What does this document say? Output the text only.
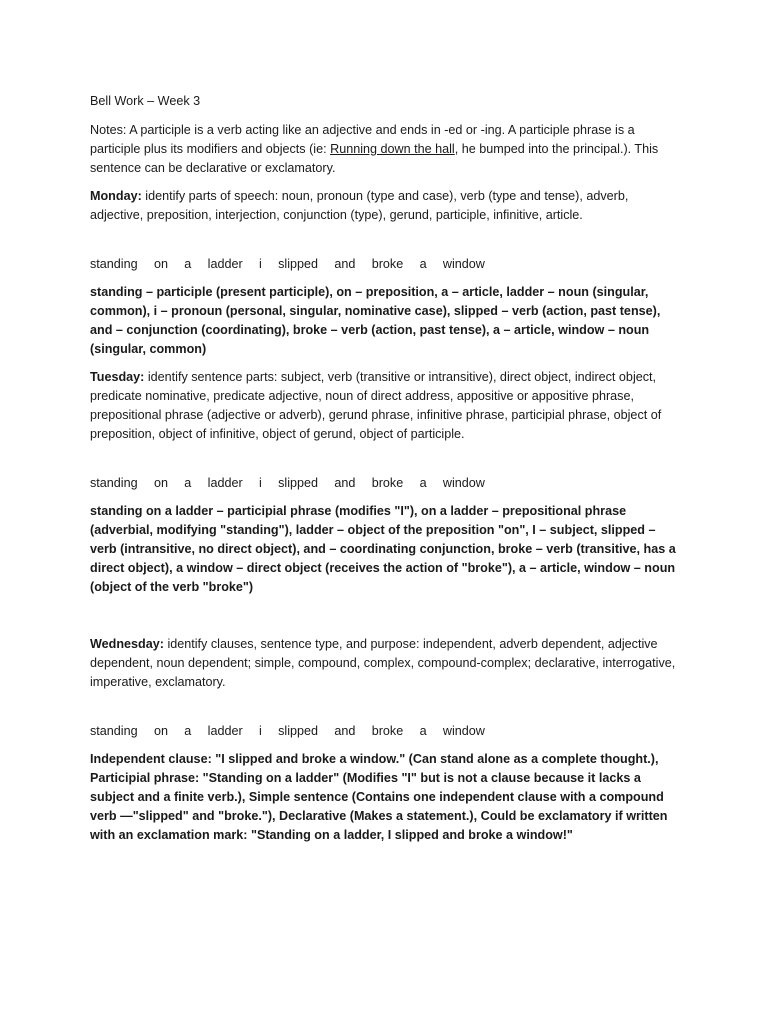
Bell Work – Week 3

Notes: A participle is a verb acting like an adjective and ends in -ed or -ing. A participle phrase is a participle plus its modifiers and objects (ie: Running down the hall, he bumped into the principal.). This sentence can be declarative or exclamatory.

Monday: identify parts of speech: noun, pronoun (type and case), verb (type and tense), adverb, adjective, preposition, interjection, conjunction (type), gerund, participle, infinitive, article.

standing on a ladder i slipped and broke a window

standing – participle (present participle), on – preposition, a – article, ladder – noun (singular, common), i – pronoun (personal, singular, nominative case), slipped – verb (action, past tense), and – conjunction (coordinating), broke – verb (action, past tense), a – article, window – noun (singular, common)

Tuesday: identify sentence parts: subject, verb (transitive or intransitive), direct object, indirect object, predicate nominative, predicate adjective, noun of direct address, appositive or appositive phrase, prepositional phrase (adjective or adverb), gerund phrase, infinitive phrase, participial phrase, object of preposition, object of infinitive, object of gerund, object of participle.

standing on a ladder i slipped and broke a window

standing on a ladder – participial phrase (modifies "I"), on a ladder – prepositional phrase (adverbial, modifying "standing"), ladder – object of the preposition "on", I – subject, slipped – verb (intransitive, no direct object), and – coordinating conjunction, broke – verb (transitive, has a direct object), a window – direct object (receives the action of "broke"), a – article, window – noun (object of the verb "broke")

Wednesday: identify clauses, sentence type, and purpose: independent, adverb dependent, adjective dependent, noun dependent; simple, compound, complex, compound-complex; declarative, interrogative, imperative, exclamatory.

standing on a ladder i slipped and broke a window

Independent clause: "I slipped and broke a window." (Can stand alone as a complete thought.), Participial phrase: "Standing on a ladder" (Modifies "I" but is not a clause because it lacks a subject and a finite verb.), Simple sentence (Contains one independent clause with a compound verb —"slipped" and "broke."), Declarative (Makes a statement.), Could be exclamatory if written with an exclamation mark: "Standing on a ladder, I slipped and broke a window!"
